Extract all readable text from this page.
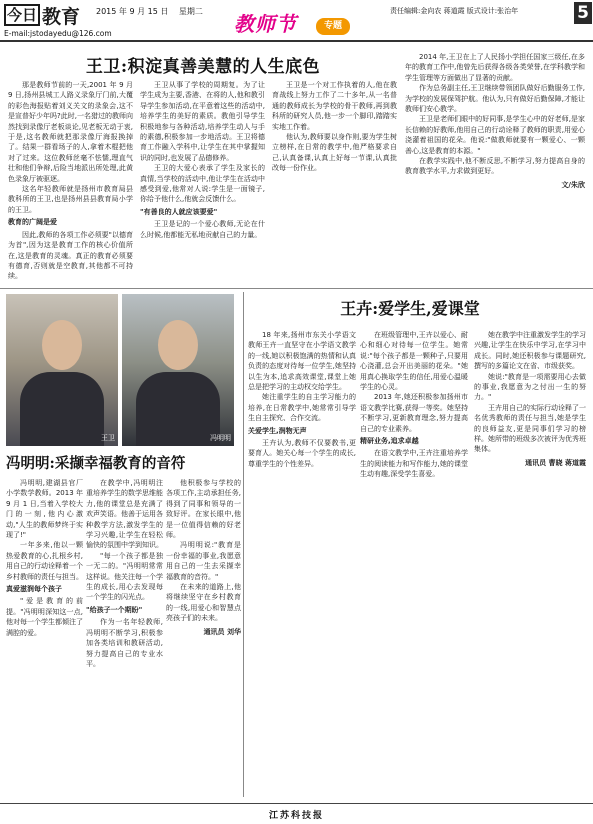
今日 教育 2015 年 9 月 15 日　 星期二
E-mail:jstodayedu@126.com	教师节	专题
责任编辑:金向农 蒋道霞 版式设计:张治年	5
王卫:积淀真善美慧的人生底色

那是教师节前的一天,2001 年 9 月 9 日,扬州县城工人路义录象厅门前,大覆的彩色海报贴着刘义关文的录象会,这不是宣普好少年吗?此时,一名猎过的教师向然找到录像厅老板谈论,见老板无动于衷,于是,这名教师就把那录像厅海报换掉了。结果一群看场子的人,拿着木棍把他对了过来。这位教师丝毫不怯懦,理直气壮和他们争辩,后险当地派出所处理,此黄色录象厅被驱逐。

这名年轻教师就是扬州市教育局县教科所的王卫,也是扬州县县教育局小学的王卫。

教育的广阔是爱

因此,教师的各项工作必须要"以德育为首",因为这是教育工作的核心价值所在,这是教育的灵魂。真正的教育必须要有德育,否则就是空教育,其他都不可持续。

王卫从事了学校的周期复。为了让学生成为主要,香港、在将的人,他和教引导学生参加活动,在平意着这些的活动中,培养学生的美好的素质。教他引导学生积极地参与各种活动,培养学生动人与手的素德,积极参加一步地活动。王卫将德育工作融入学科中,让学生在其中掌握知识的同时,也发展了品德修养。

王卫的大爱心表承了学生及家长的真情,当学校的活动中,他让学生在活动中感受到爱,他常对人说:学生是一面镜子,你给予他什么,他就会反馈什么。

"有善良的人就应该要爱"

王卫是记的一个爱心教师,无论在什么时候,他都能无私地贡献自己的力量。

王卫是一个对工作执着的人,他在教育战线上努力工作了二十多年,从一名普通的教师成长为学校的骨干教师,再到教科所的研究人员,他一步一个脚印,踏踏实实地工作着。

他认为,教师要以身作则,要为学生树立榜样,在日常的教学中,他严格要求自己,认真备课,认真上好每一节课,认真批改每一份作业。

2014 年,王卫在上了人民扬小学担任国家三级任,在多年的教育工作中,他曾先后获得各级各类荣誉,在学科教学和学生管理等方面做出了显著的贡献。

作为总务副主任,王卫继续带领团队做好后勤服务工作,为学校的发展保驾护航。他认为,只有做好后勤保障,才能让教师们安心教学。

王卫是老师们眼中的好同事,是学生心中的好老师,是家长信赖的好教师,他用自己的行动诠释了教师的职责,用爱心浇灌着祖国的花朵。他说:"做教师就要有一颗爱心、一颗善心,这是教育的本源。"

在教学实践中,他不断反思,不断学习,努力提高自身的教育教学水平,力求做到更好。

文/朱欣

王卫	冯明明
王卉:爱学生,爱课堂

18 年来,扬州市东关小学语文教师王卉一直坚守在小学语文教学的一线,她以积极饱满的热情和认真负责的态度对待每一位学生,她坚持以生为本,追求高效课堂,课堂上她总是把学习的主动权交给学生。

她注重学生的自主学习能力的培养,在日常教学中,她常常引导学生自主探究、合作交流。

关爱学生,润物无声

王卉认为,教师不仅要教书,更要育人。她关心每一个学生的成长,尊重学生的个性差异。

在班级管理中,王卉以爱心、耐心和细心对待每一位学生。她常说:"每个孩子都是一颗种子,只要用心浇灌,总会开出美丽的花朵。"她用真心换取学生的信任,用爱心温暖学生的心灵。

2013 年,她还积极参加扬州市语文教学比赛,获得一等奖。她坚持不断学习,更新教育理念,努力提高自己的专业素养。

精研业务,追求卓越

在语文教学中,王卉注重培养学生的阅读能力和写作能力,她的课堂生动有趣,深受学生喜爱。

她在教学中注重激发学生的学习兴趣,让学生在快乐中学习,在学习中成长。同时,她还积极参与课题研究,撰写的多篇论文在省、市级获奖。

她说:"教育是一项需要用心去做的事业,我愿意为之付出一生的努力。"

王卉用自己的实际行动诠释了一名优秀教师的责任与担当,她是学生的良师益友,更是同事们学习的榜样。她所带的班级多次被评为优秀班集体。

通讯员 曹晓 蒋道霞

冯明明:采撷幸福教育的音符

冯明明,建湖县官厂小学数学教师。2013 年 9 月 1 日,当着入学校大门的一刻,他内心激动,"人生的教师梦终于实现了!"

一年多来,他以一颗热爱教育的心,扎根乡村,用自己的行动诠释着一个乡村教师的责任与担当。

真爱滋润每个孩子

"爱是教育的前提。"冯明明深知这一点,他对每一个学生都倾注了满腔的爱。

在教学中,冯明明注重培养学生的数学思维能力,他的课堂总是充满了欢声笑语。他善于运用各种教学方法,激发学生的学习兴趣,让学生在轻松愉快的氛围中学到知识。

"每一个孩子都是独一无二的。"冯明明常常这样说。他关注每一个学生的成长,用心去发现每一个学生的闪光点。

"给孩子一个期盼"

作为一名年轻教师,冯明明不断学习,积极参加各类培训和教研活动,努力提高自己的专业水平。

他积极参与学校的各项工作,主动承担任务,得到了同事和领导的一致好评。在家长眼中,他是一位值得信赖的好老师。

冯明明说:"教育是一份幸福的事业,我愿意用自己的一生去采撷幸福教育的音符。"

在未来的道路上,他将继续坚守在乡村教育的一线,用爱心和智慧点亮孩子们的未来。

通讯员 刘华

江苏科技报
